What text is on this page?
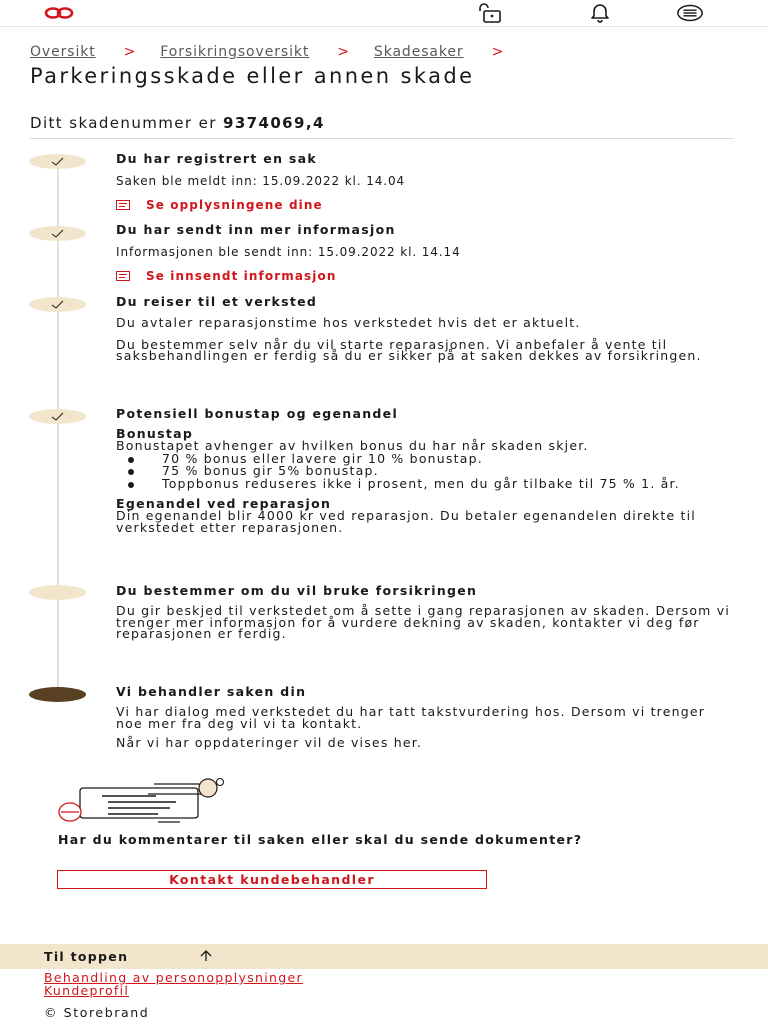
Oversikt > Forsikringsoversikt > Skadesaker >
Parkeringsskade eller annen skade
Ditt skadenummer er 9374069,4
Du har registrert en sak

Saken ble meldt inn: 15.09.2022 kl. 14.04

Se opplysningene dine
Du har sendt inn mer informasjon

Informasjonen ble sendt inn: 15.09.2022 kl. 14.14

Se innsendt informasjon
Du reiser til et verksted

Du avtaler reparasjonstime hos verkstedet hvis det er aktuelt.

Du bestemmer selv når du vil starte reparasjonen. Vi anbefaler å vente til saksbehandlingen er ferdig så du er sikker på at saken dekkes av forsikringen.

Potensiell bonustap og egenandel
Bonustap

Bonustapet avhenger av hvilken bonus du har når skaden skjer.

70 % bonus eller lavere gir 10 % bonustap.
75 % bonus gir 5% bonustap.
Toppbonus reduseres ikke i prosent, men du går tilbake til 75 % 1. år.
Egenandel ved reparasjon

Din egenandel blir 4000 kr ved reparasjon. Du betaler egenandelen direkte til verkstedet etter reparasjonen.

Du bestemmer om du vil bruke forsikringen

Du gir beskjed til verkstedet om å sette i gang reparasjonen av skaden. Dersom vi trenger mer informasjon for å vurdere dekning av skaden, kontakter vi deg før reparasjonen er ferdig.

Vi behandler saken din

Vi har dialog med verkstedet du har tatt takstvurdering hos. Dersom vi trenger noe mer fra deg vil vi ta kontakt.

Når vi har oppdateringer vil de vises her.

Har du kommentarer til saken eller skal du sende dokumenter?
Kontakt kundebehandler
Til toppen
Behandling av personopplysninger
Kundeprofil
© Storebrand
